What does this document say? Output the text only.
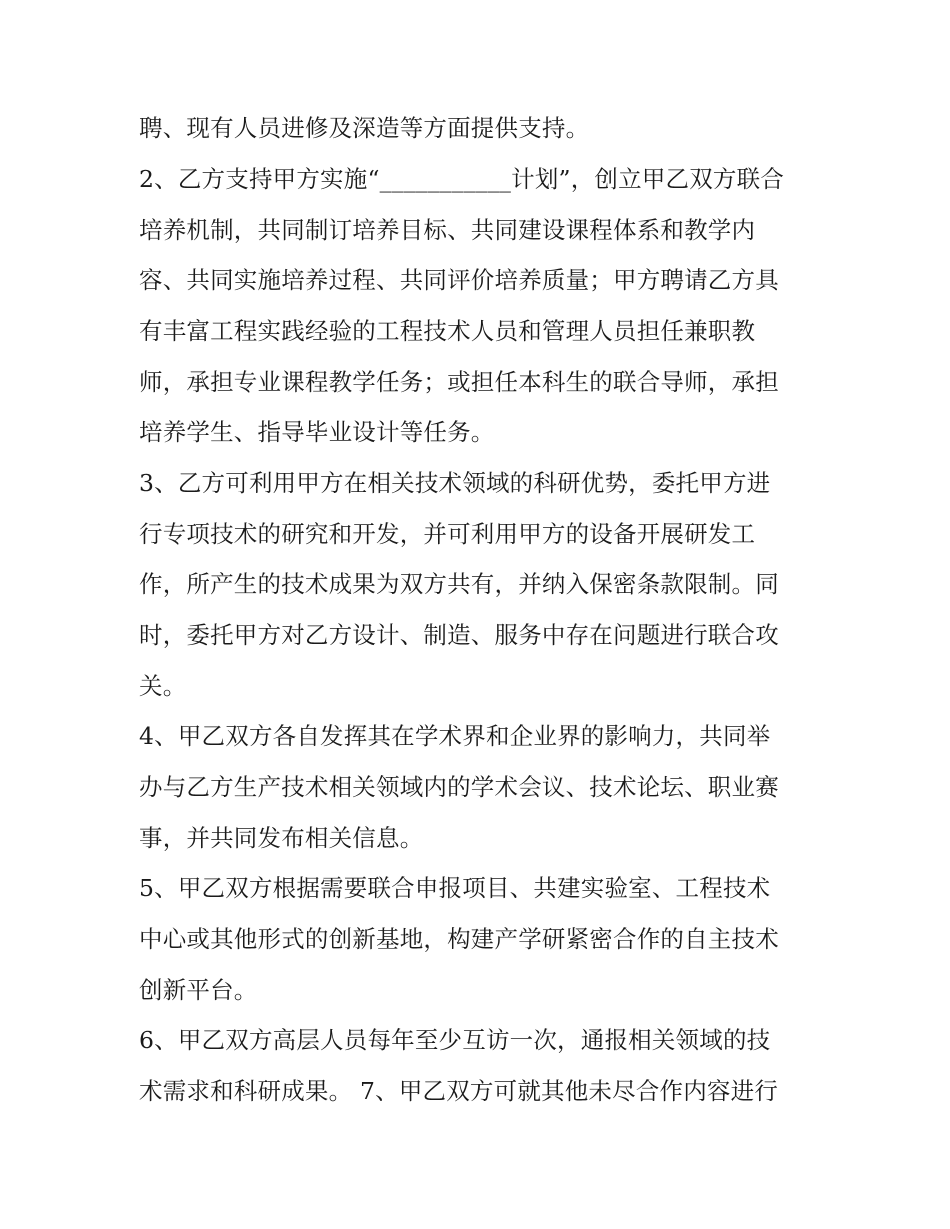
聘、现有人员进修及深造等方面提供支持。
2、乙方支持甲方实施“___________计划”，创立甲乙双方联合
培养机制，共同制订培养目标、共同建设课程体系和教学内
容、共同实施培养过程、共同评价培养质量；甲方聘请乙方具
有丰富工程实践经验的工程技术人员和管理人员担任兼职教
师，承担专业课程教学任务；或担任本科生的联合导师，承担
培养学生、指导毕业设计等任务。
3、乙方可利用甲方在相关技术领域的科研优势，委托甲方进
行专项技术的研究和开发，并可利用甲方的设备开展研发工
作，所产生的技术成果为双方共有，并纳入保密条款限制。同
时，委托甲方对乙方设计、制造、服务中存在问题进行联合攻
关。
4、甲乙双方各自发挥其在学术界和企业界的影响力，共同举
办与乙方生产技术相关领域内的学术会议、技术论坛、职业赛
事，并共同发布相关信息。
5、甲乙双方根据需要联合申报项目、共建实验室、工程技术
中心或其他形式的创新基地，构建产学研紧密合作的自主技术
创新平台。
6、甲乙双方高层人员每年至少互访一次，通报相关领域的技
术需求和科研成果。 7、甲乙双方可就其他未尽合作内容进行
